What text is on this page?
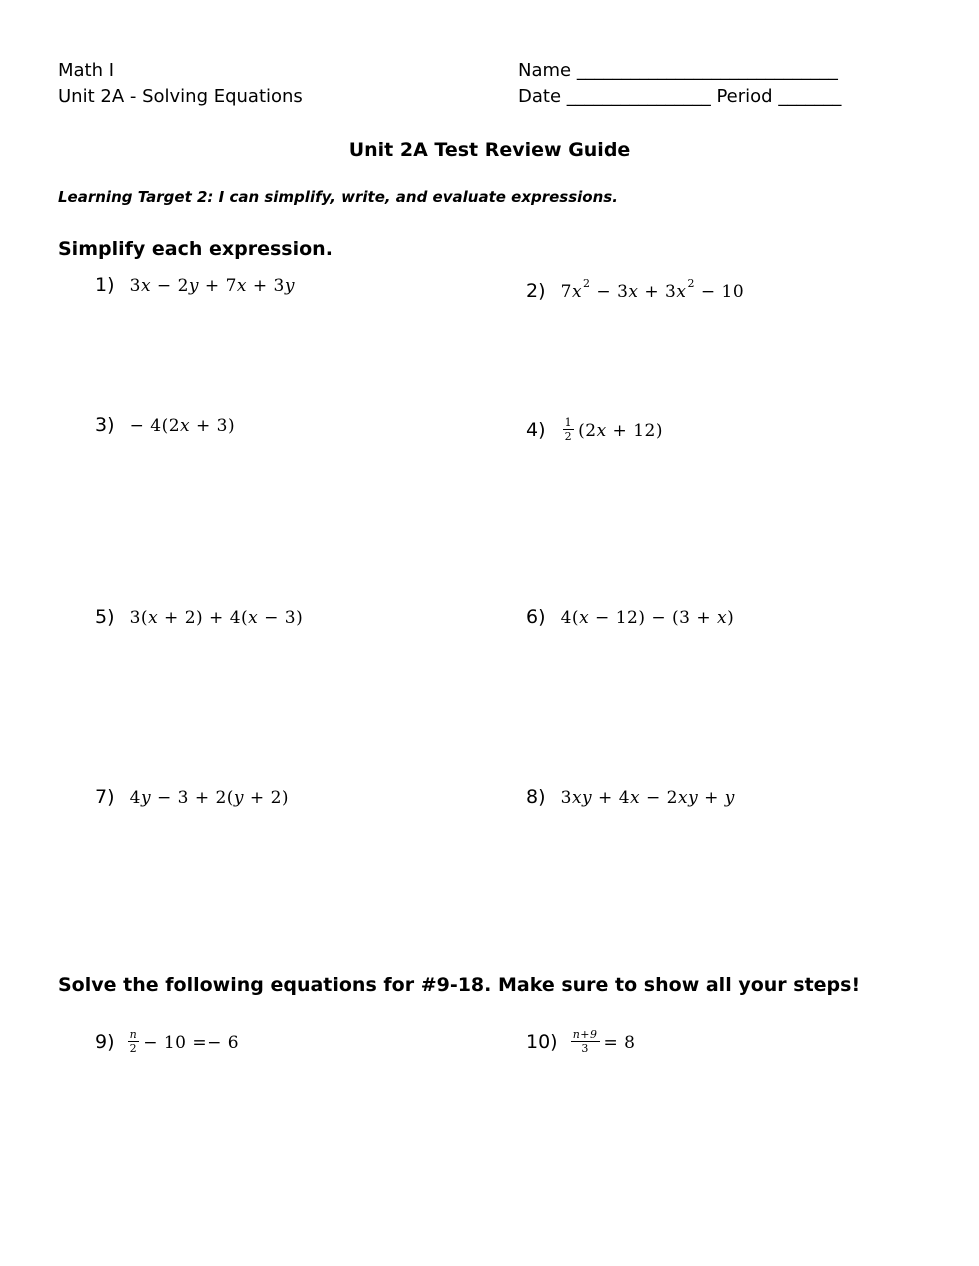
Math I
Unit 2A - Solving Equations
Name _____________________________
Date ________________ Period _______
Unit 2A Test Review Guide
Learning Target 2: I can simplify, write, and evaluate expressions.
Simplify each expression.
1) 3x − 2y + 7x + 3y	2) $7x^2 - 3x + 3x^2 - 10$
3) − 4(2x + 3)	$4) \frac{1}{2} (2x + 12)$
5) 3(x + 2) + 4(x − 3)	6) 4(x − 12) − (3 + x)
7) 4y − 3 + 2(y + 2)	8) 3xy + 4x − 2xy + y
Solve the following equations for #9-18. Make sure to show all your steps!
$9) \frac{n}{2} - 10 =- 6$	$10) \frac{n+9}{3} = 8$
